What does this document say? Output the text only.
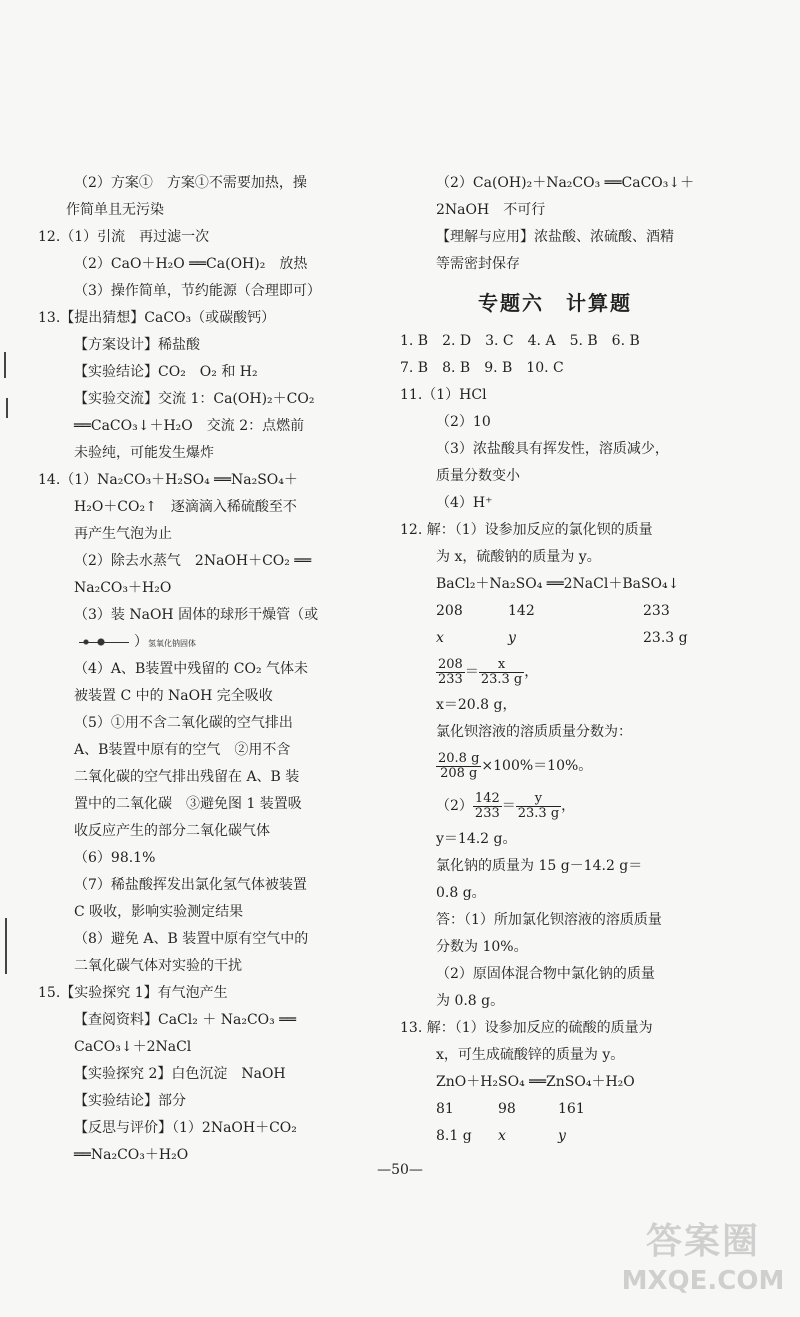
（2）方案①　方案①不需要加热，操
作简单且无污染
12.（1）引流　再过滤一次
（2）CaO＋H₂O ══Ca(OH)₂　放热
（3）操作简单，节约能源（合理即可）
13.【提出猜想】CaCO₃（或碳酸钙）
【方案设计】稀盐酸
【实验结论】CO₂　O₂ 和 H₂
【实验交流】交流 1：Ca(OH)₂＋CO₂
══CaCO₃↓＋H₂O　交流 2：点燃前
未验纯，可能发生爆炸
14.（1）Na₂CO₃＋H₂SO₄ ══Na₂SO₄＋
H₂O＋CO₂↑　逐滴滴入稀硫酸至不
再产生气泡为止
（2）除去水蒸气　2NaOH＋CO₂ ══
Na₂CO₃＋H₂O
（3）装 NaOH 固体的球形干燥管（或
）氢氧化钠固体
（4）A、B装置中残留的 CO₂ 气体未
被装置 C 中的 NaOH 完全吸收
（5）①用不含二氧化碳的空气排出
A、B装置中原有的空气　②用不含
二氧化碳的空气排出残留在 A、B 装
置中的二氧化碳　③避免图 1 装置吸
收反应产生的部分二氧化碳气体
（6）98.1%
（7）稀盐酸挥发出氯化氢气体被装置
C 吸收，影响实验测定结果
（8）避免 A、B 装置中原有空气中的
二氧化碳气体对实验的干扰
15.【实验探究 1】有气泡产生
【查阅资料】CaCl₂ ＋ Na₂CO₃ ══
CaCO₃↓＋2NaCl
【实验探究 2】白色沉淀　NaOH
【实验结论】部分
【反思与评价】（1）2NaOH＋CO₂
══Na₂CO₃＋H₂O
（2）Ca(OH)₂＋Na₂CO₃ ══CaCO₃↓＋
2NaOH　不可行
【理解与应用】浓盐酸、浓硫酸、酒精
等需密封保存
专题六　计算题
1. B　2. D　3. C　4. A　5. B　6. B
7. B　8. B　9. B　10. C
11.（1）HCl
（2）10
（3）浓盐酸具有挥发性，溶质减少，
质量分数变小
（4）H⁺
12. 解：（1）设参加反应的氯化钡的质量
为 x，硫酸钠的质量为 y。
BaCl₂＋Na₂SO₄ ══2NaCl＋BaSO₄↓
208	142	233
x	y	23.3 g
$\frac{208}{233} = \frac{x}{23.3 g}$ ，
x＝20.8 g，
氯化钡溶液的溶质质量分数为：
$\frac{20.8 g}{208 g} \times 100\%=10\%$。
$(2) \frac{142}{233} = \frac{y}{23.3 g}$ ，
y＝14.2 g。
氯化钠的质量为 15 g－14.2 g＝
0.8 g。
答：（1）所加氯化钡溶液的溶质质量
分数为 10%。
（2）原固体混合物中氯化钠的质量
为 0.8 g。
13. 解：（1）设参加反应的硫酸的质量为
x，可生成硫酸锌的质量为 y。
ZnO＋H₂SO₄ ══ZnSO₄＋H₂O
81	98	161
8.1 g x	y
—50—
答案圈
MXQE.COM
